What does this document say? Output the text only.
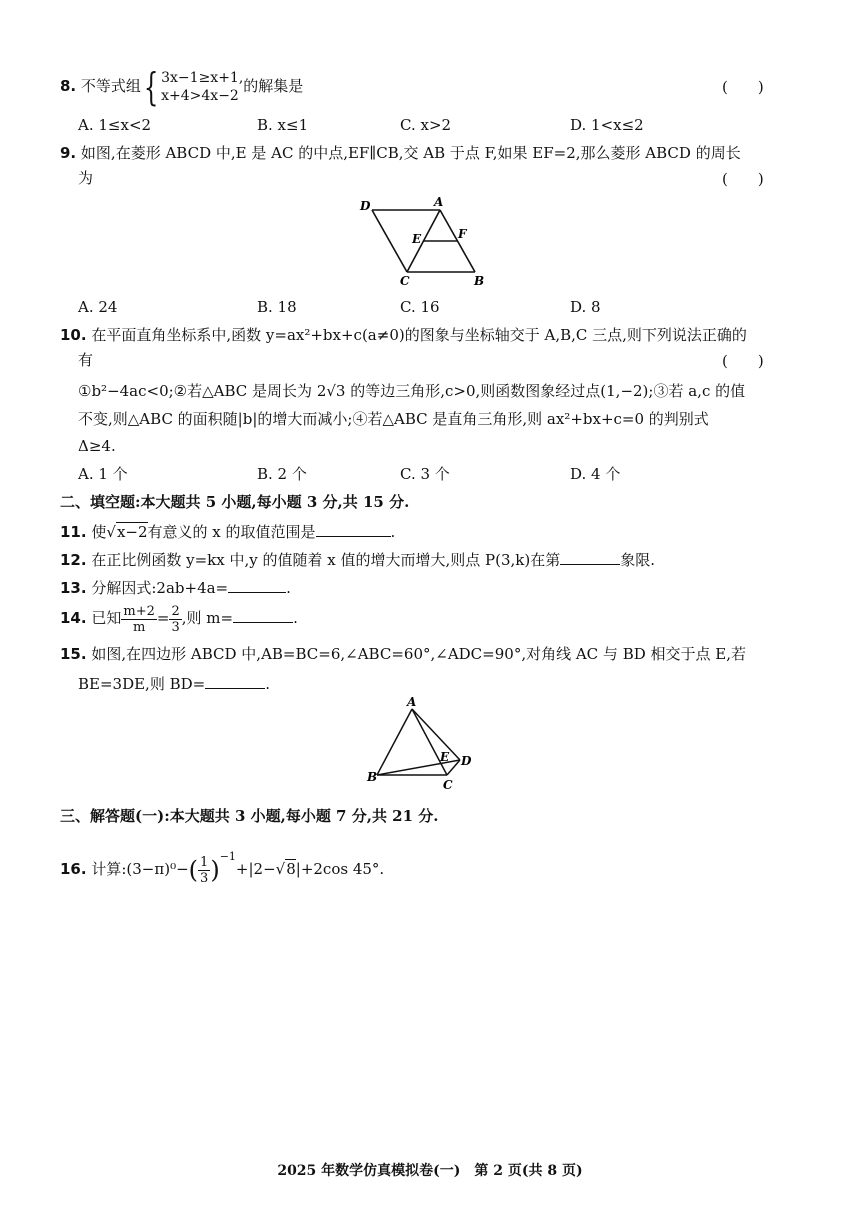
8. 不等式组{ 3x−1≥x+1,
x+4>4x−2
的解集是	(　　)
A. 1≤x<2	B. x≤1	C. x>2	D. 1<x≤2
9. 如图,在菱形 ABCD 中,E 是 AC 的中点,EF∥CB,交 AB 于点 F,如果 EF=2,那么菱形 ABCD 的周长
为	(　　)
D	A
E	F
C	B
A. 24	B. 18	C. 16	D. 8
10. 在平面直角坐标系中,函数 y=ax²+bx+c(a≠0)的图象与坐标轴交于 A,B,C 三点,则下列说法正确的
有	(　　)
①b²−4ac<0;②若△ABC 是周长为 2√3 的等边三角形,c>0,则函数图象经过点(1,−2);③若 a,c 的值
不变,则△ABC 的面积随|b|的增大而减小;④若△ABC 是直角三角形,则 ax²+bx+c=0 的判别式
Δ≥4.
A. 1 个	B. 2 个	C. 3 个	D. 4 个
二、填空题:本大题共 5 小题,每小题 3 分,共 15 分.
11. 使√x−2有意义的 x 的取值范围是	.
12. 在正比例函数 y=kx 中,y 的值随着 x 值的增大而增大,则点 P(3,k)在第	象限.
13. 分解因式:2ab+4a=	.
14. 已知 $\frac{m+2}{m} = \frac{2}{3}$ ,则 m=	.
15. 如图,在四边形 ABCD 中,AB=BC=6,∠ABC=60°,∠ADC=90°,对角线 AC 与 BD 相交于点 E,若
BE=3DE,则 BD=	.
A
E D
C
B
三、解答题(一):本大题共 3 小题,每小题 7 分,共 21 分.
16. 计算:(3−π)⁰−( $\frac{1}{3} )^{-1}+|2-√8|+2\cos$ 45°.
2025 年数学仿真模拟卷(一)　第 2 页(共 8 页)
